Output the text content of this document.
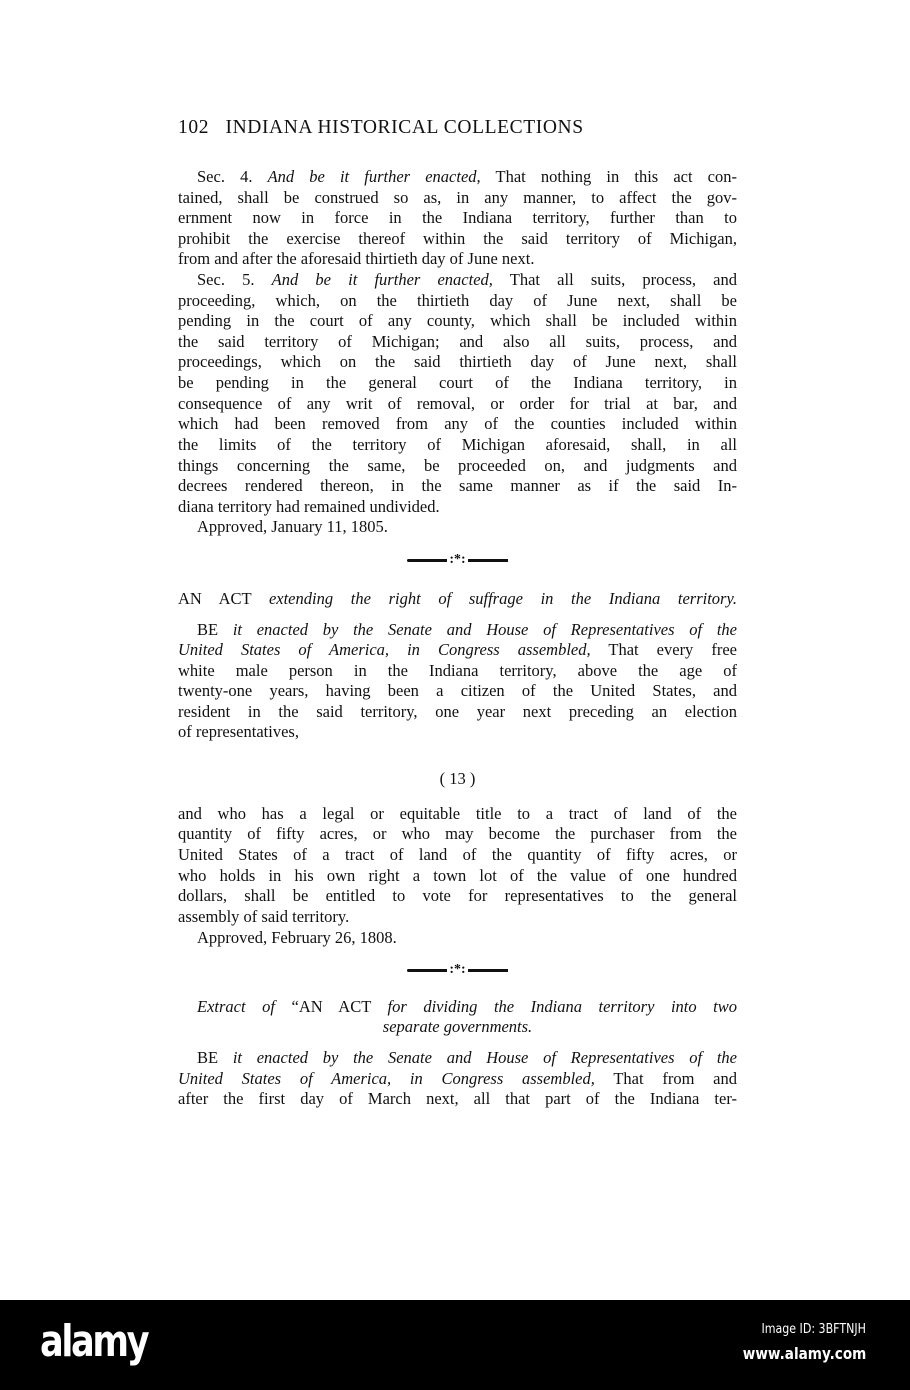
102 INDIANA HISTORICAL COLLECTIONS
Sec. 4. And be it further enacted, That nothing in this act con-
tained, shall be construed so as, in any manner, to affect the gov-
ernment now in force in the Indiana territory, further than to
prohibit the exercise thereof within the said territory of Michigan,
from and after the aforesaid thirtieth day of June next.
Sec. 5. And be it further enacted, That all suits, process, and
proceeding, which, on the thirtieth day of June next, shall be
pending in the court of any county, which shall be included within
the said territory of Michigan; and also all suits, process, and
proceedings, which on the said thirtieth day of June next, shall
be pending in the general court of the Indiana territory, in
consequence of any writ of removal, or order for trial at bar, and
which had been removed from any of the counties included within
the limits of the territory of Michigan aforesaid, shall, in all
things concerning the same, be proceeded on, and judgments and
decrees rendered thereon, in the same manner as if the said In-
diana territory had remained undivided.
Approved, January 11, 1805.
AN ACT extending the right of suffrage in the Indiana territory.
BE it enacted by the Senate and House of Representatives of the
United States of America, in Congress assembled, That every free
white male person in the Indiana territory, above the age of
twenty-one years, having been a citizen of the United States, and
resident in the said territory, one year next preceding an election
of representatives,
( 13 )
and who has a legal or equitable title to a tract of land of the
quantity of fifty acres, or who may become the purchaser from the
United States of a tract of land of the quantity of fifty acres, or
who holds in his own right a town lot of the value of one hundred
dollars, shall be entitled to vote for representatives to the general
assembly of said territory.
Approved, February 26, 1808.
Extract of “AN ACT for dividing the Indiana territory into two
separate governments.
BE it enacted by the Senate and House of Representatives of the
United States of America, in Congress assembled, That from and
after the first day of March next, all that part of the Indiana ter-
:*:
:*:
alamy	Image ID: 3BFTNJH
www.alamy.com
